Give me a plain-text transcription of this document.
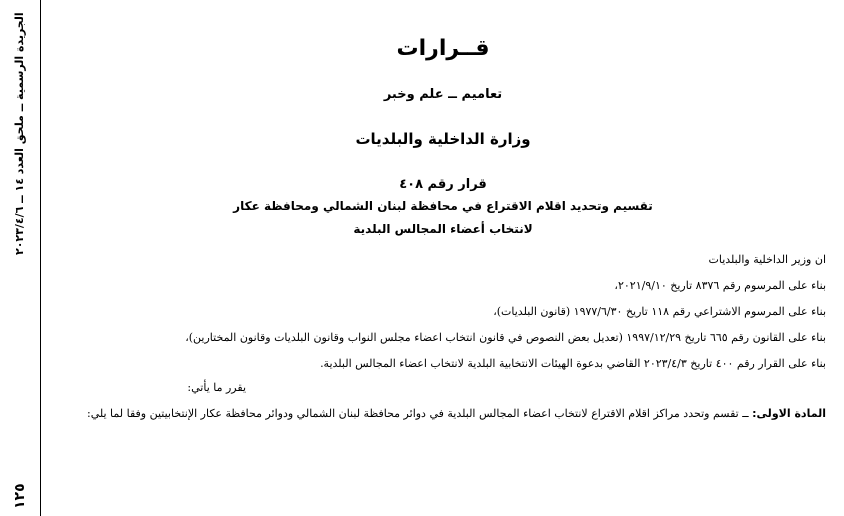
الجريدة الرسمية ــ ملحق العدد ١٤ ــ ٢٠٢٣/٤/٦
١٢٥
قــرارات
تعاميم ــ علم وخبر
وزارة الداخلية والبلديات
قرار رقم ٤٠٨
تقسيم وتحديد اقلام الاقتراع في محافظة لبنان الشمالي ومحافظة عكار
لانتخاب أعضاء المجالس البلدية
ان وزير الداخلية والبلديات
بناء على المرسوم رقم ٨٣٧٦ تاريخ ٢٠٢١/٩/١٠،
بناء على المرسوم الاشتراعي رقم ١١٨ تاريخ ١٩٧٧/٦/٣٠ (قانون البلديات)،
بناء على القانون رقم ٦٦٥ تاريخ ١٩٩٧/١٢/٢٩ (تعديل بعض النصوص في قانون انتخاب اعضاء مجلس النواب وقانون البلديات وقانون المختارين)،
بناء على القرار رقم ٤٠٠ تاريخ ٢٠٢٣/٤/٣ القاضي بدعوة الهيئات الانتخابية البلدية لانتخاب اعضاء المجالس البلدية.
يقرر ما يأتي:
المادة الاولى: ــ تقسم وتحدد مراكز اقلام الاقتراع لانتخاب اعضاء المجالس البلدية في دوائر محافظة لبنان الشمالي ودوائر محافظة عكار الإنتخابيتين وفقا لما يلي:
